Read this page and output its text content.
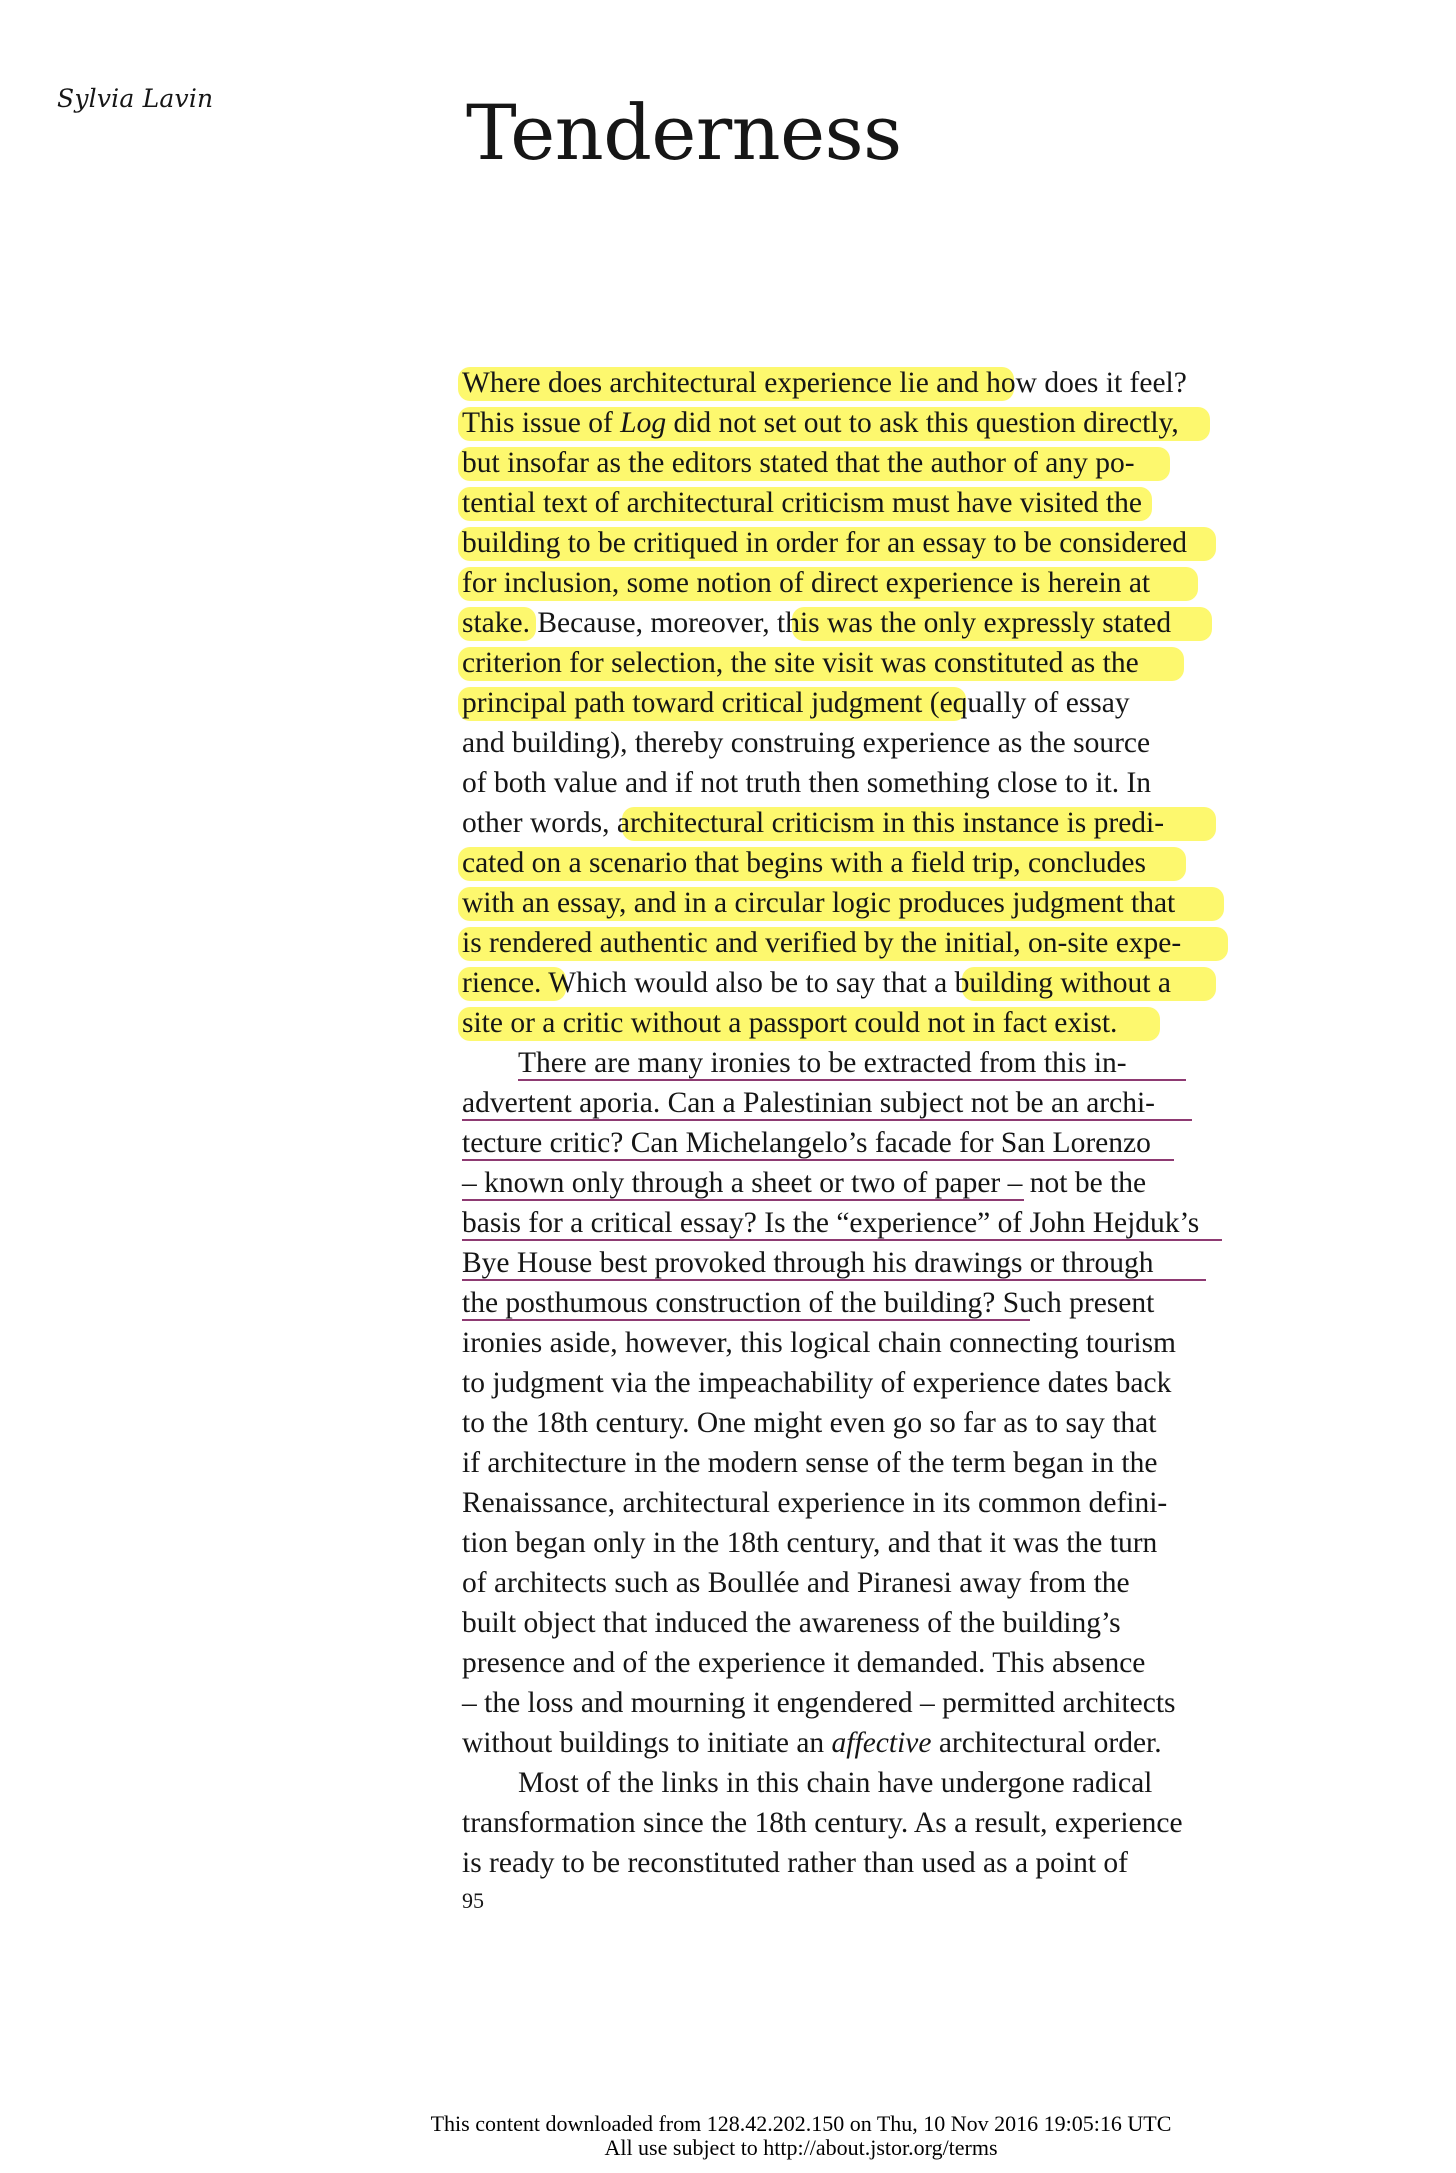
Sylvia Lavin	Tenderness
Where does architectural experience lie and how does it feel?
This issue of Log did not set out to ask this question directly,
but insofar as the editors stated that the author of any po-
tential text of architectural criticism must have visited the
building to be critiqued in order for an essay to be considered
for inclusion, some notion of direct experience is herein at
stake. Because, moreover, this was the only expressly stated
criterion for selection, the site visit was constituted as the
principal path toward critical judgment (equally of essay
and building), thereby construing experience as the source
of both value and if not truth then something close to it. In
other words, architectural criticism in this instance is predi-
cated on a scenario that begins with a field trip, concludes
with an essay, and in a circular logic produces judgment that
is rendered authentic and verified by the initial, on-site expe-
rience. Which would also be to say that a building without a
site or a critic without a passport could not in fact exist.
There are many ironies to be extracted from this in-
advertent aporia. Can a Palestinian subject not be an archi-
tecture critic? Can Michelangelo’s facade for San Lorenzo
– known only through a sheet or two of paper – not be the
basis for a critical essay? Is the “experience” of John Hejduk’s
Bye House best provoked through his drawings or through
the posthumous construction of the building? Such present
ironies aside, however, this logical chain connecting tourism
to judgment via the impeachability of experience dates back
to the 18th century. One might even go so far as to say that
if architecture in the modern sense of the term began in the
Renaissance, architectural experience in its common defini-
tion began only in the 18th century, and that it was the turn
of architects such as Boullée and Piranesi away from the
built object that induced the awareness of the building’s
presence and of the experience it demanded. This absence
– the loss and mourning it engendered – permitted architects
without buildings to initiate an affective architectural order.
Most of the links in this chain have undergone radical
transformation since the 18th century. As a result, experience
is ready to be reconstituted rather than used as a point of
95
This content downloaded from 128.42.202.150 on Thu, 10 Nov 2016 19:05:16 UTC
All use subject to http://about.jstor.org/terms
